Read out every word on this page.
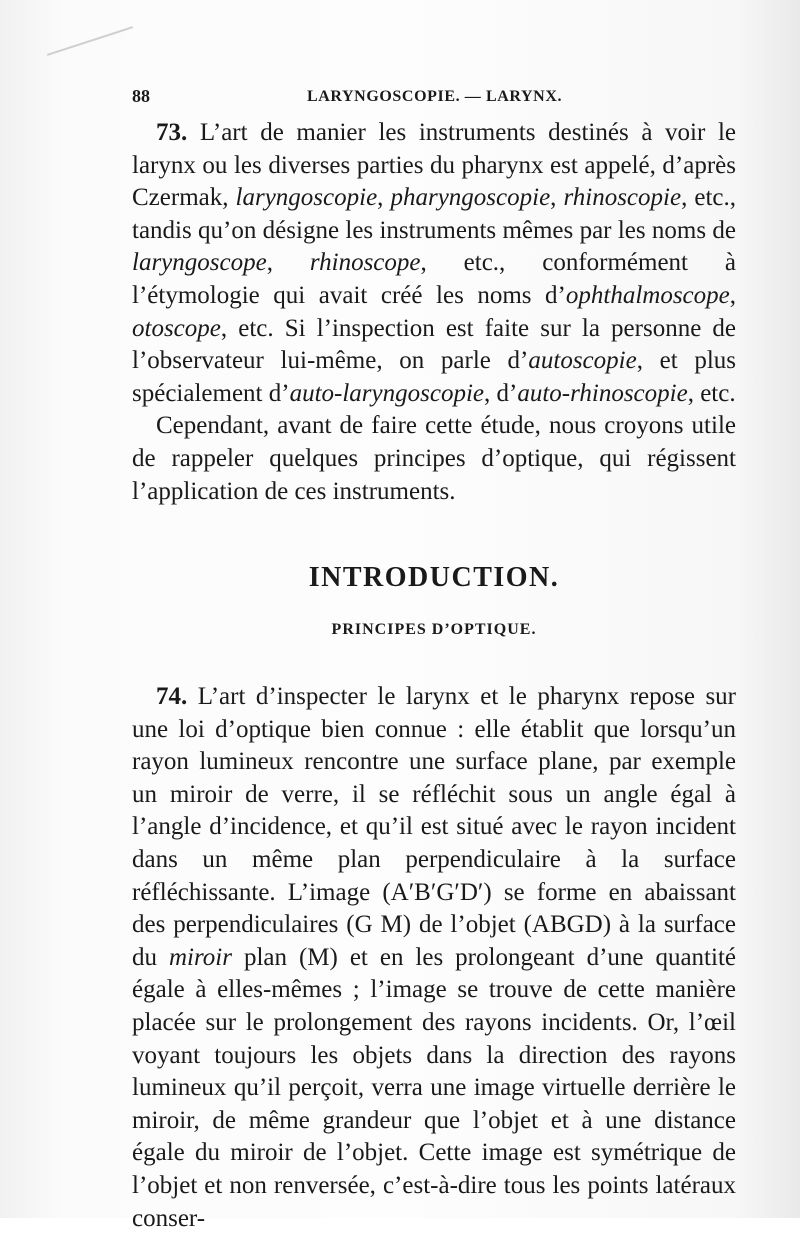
88	LARYNGOSCOPIE. — LARYNX.

73. L’art de manier les instruments destinés à voir le larynx ou les diverses parties du pharynx est appelé, d’après Czermak, laryngoscopie, pharyngoscopie, rhinoscopie, etc., tandis qu’on désigne les instruments mêmes par les noms de laryngoscope, rhinoscope, etc., conformément à l’étymologie qui avait créé les noms d’ophthalmoscope, otoscope, etc. Si l’inspection est faite sur la personne de l’observateur lui-même, on parle d’autoscopie, et plus spécialement d’auto-laryngoscopie, d’auto-rhinoscopie, etc.

Cependant, avant de faire cette étude, nous croyons utile de rappeler quelques principes d’optique, qui régissent l’application de ces instruments.

INTRODUCTION.
PRINCIPES D’OPTIQUE.

74. L’art d’inspecter le larynx et le pharynx repose sur une loi d’optique bien connue : elle établit que lorsqu’un rayon lumineux rencontre une surface plane, par exemple un miroir de verre, il se réfléchit sous un angle égal à l’angle d’incidence, et qu’il est situé avec le rayon incident dans un même plan perpendiculaire à la surface réfléchissante. L’image (A′B′G′D′) se forme en abaissant des perpendiculaires (G M) de l’objet (ABGD) à la surface du miroir plan (M) et en les prolongeant d’une quantité égale à elles-mêmes ; l’image se trouve de cette manière placée sur le prolongement des rayons incidents. Or, l’œil voyant toujours les objets dans la direction des rayons lumineux qu’il perçoit, verra une image virtuelle derrière le miroir, de même grandeur que l’objet et à une distance égale du miroir de l’objet. Cette image est symétrique de l’objet et non renversée, c’est-à-dire tous les points latéraux conser-
